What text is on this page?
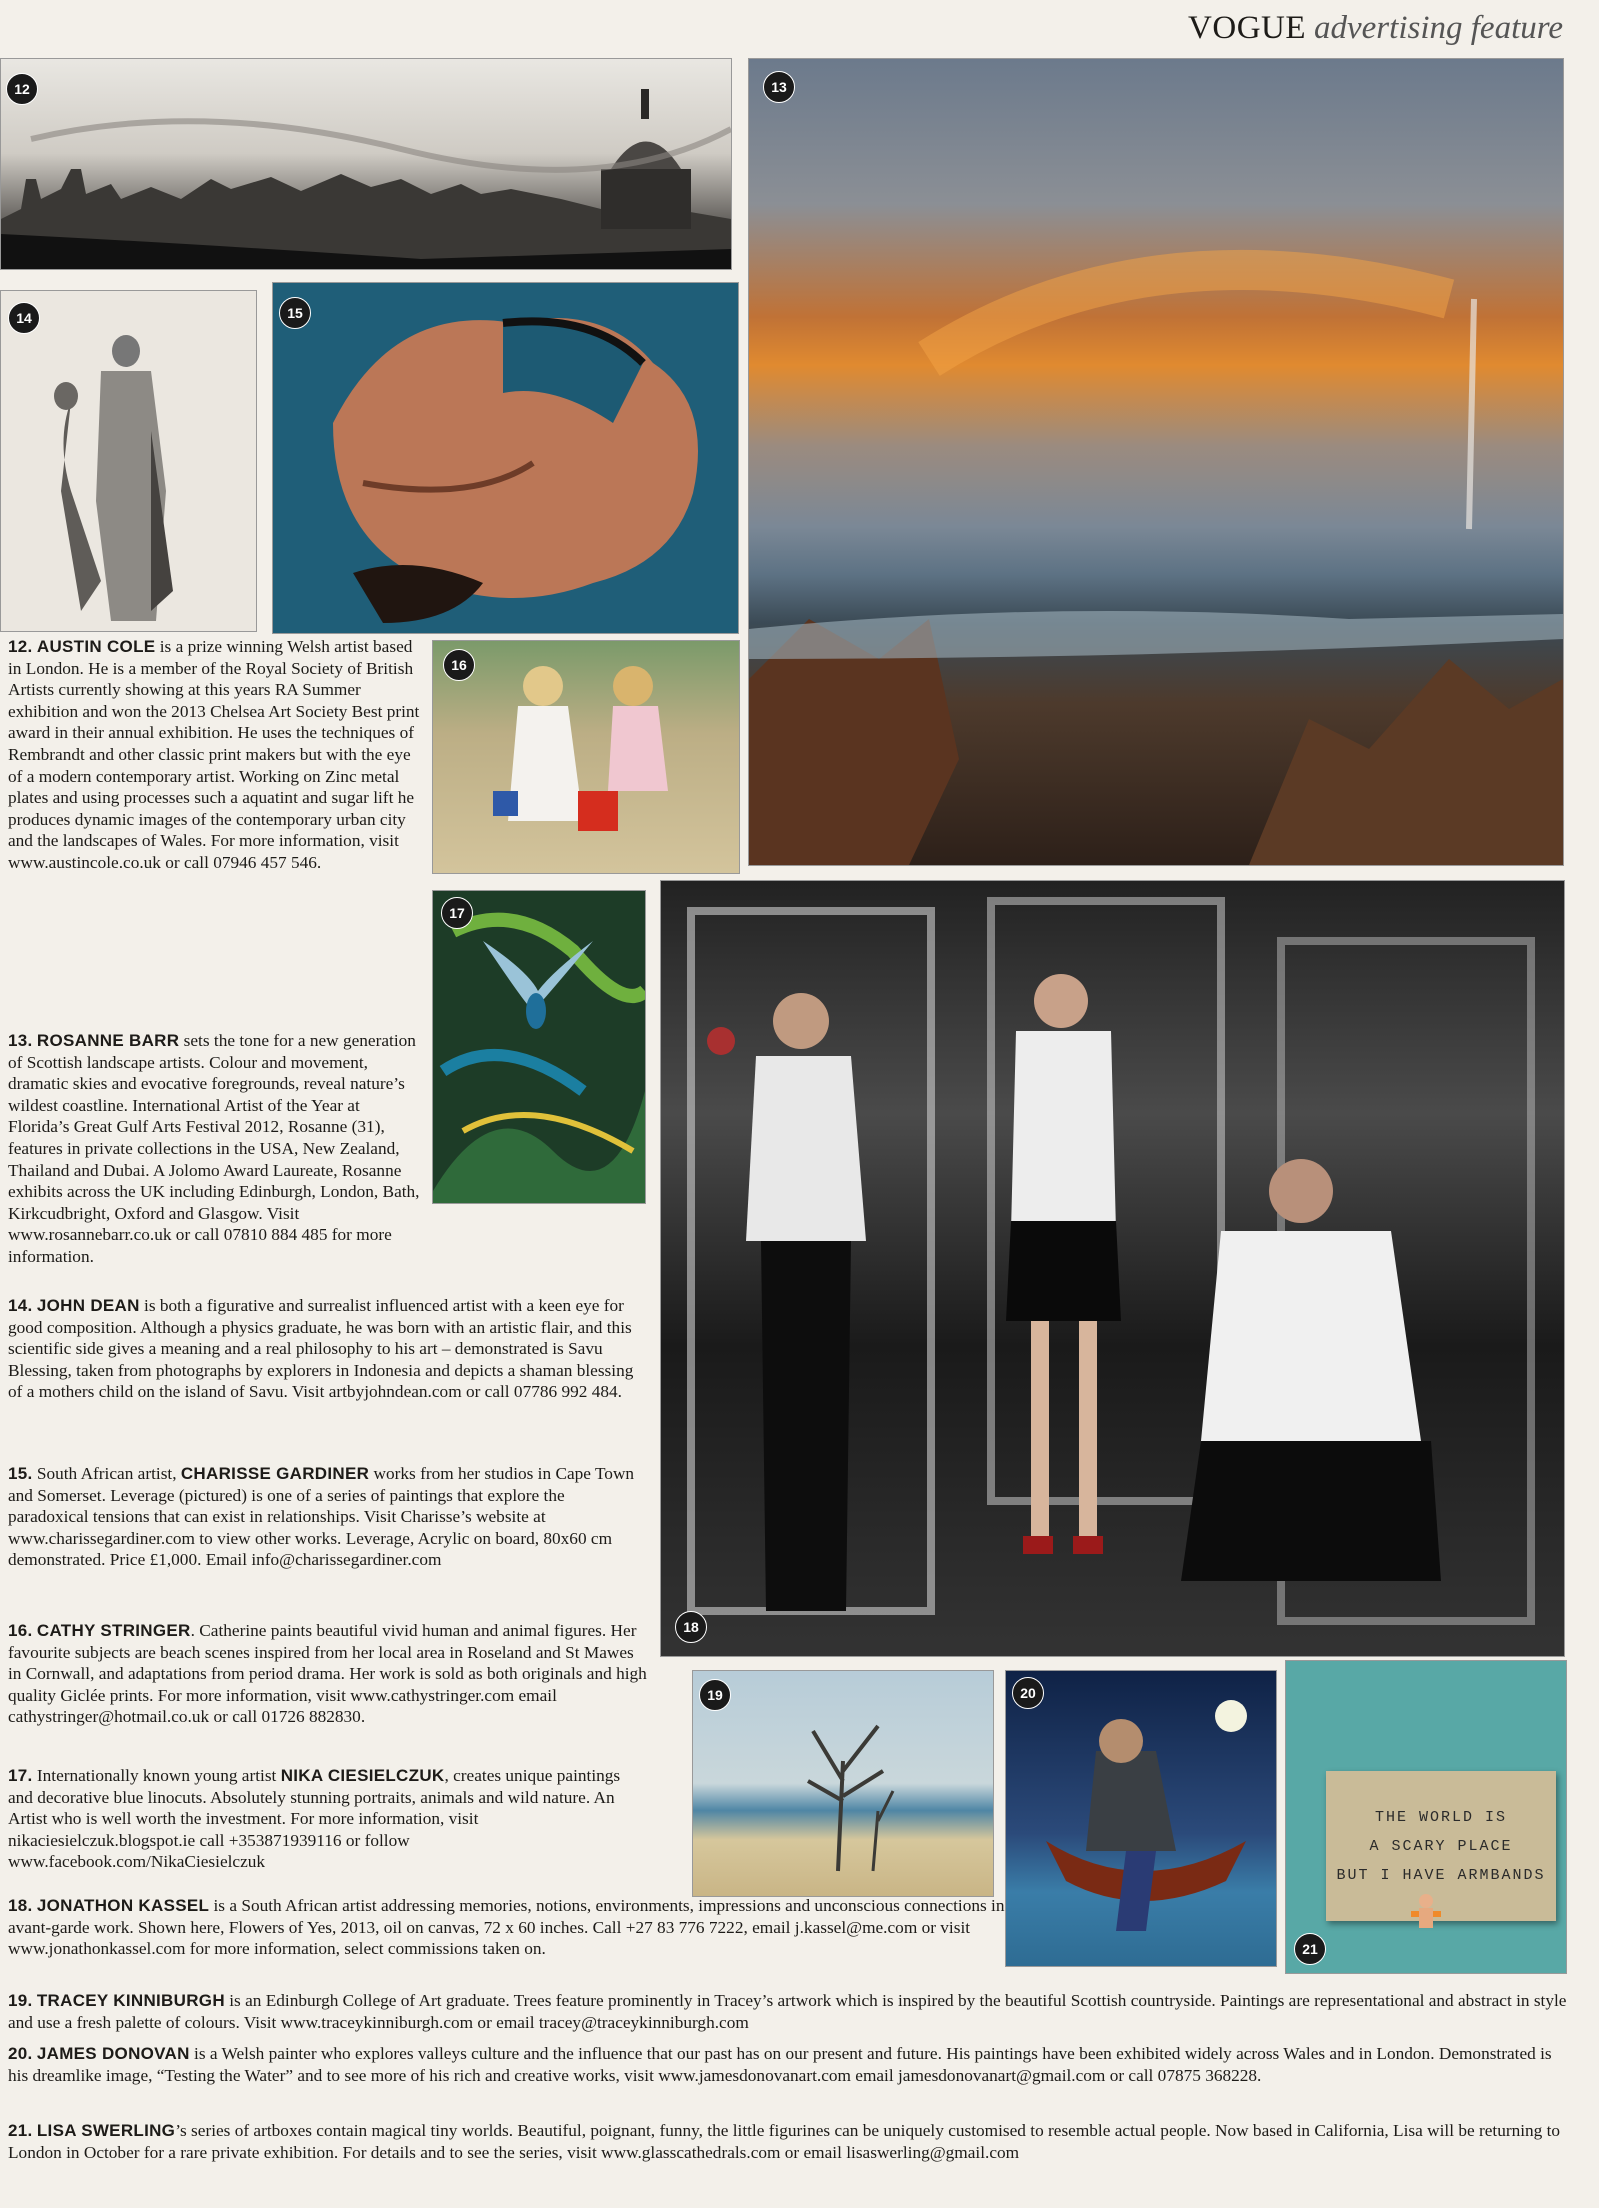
VOGUE advertising feature
12	13
14	15
16
17
18
19	20
THE WORLD IS
A SCARY PLACE
BUT I HAVE ARMBANDS
21

12. AUSTIN COLE is a prize winning Welsh artist based in London. He is a member of the Royal Society of British Artists currently showing at this years RA Summer exhibition and won the 2013 Chelsea Art Society Best print award in their annual exhibition. He uses the techniques of Rembrandt and other classic print makers but with the eye of a modern contemporary artist. Working on Zinc metal plates and using processes such a aquatint and sugar lift he produces dynamic images of the contemporary urban city and the landscapes of Wales. For more information, visit www.austincole.co.uk or call 07946 457 546.

13. ROSANNE BARR sets the tone for a new generation of Scottish landscape artists. Colour and movement, dramatic skies and evocative foregrounds, reveal nature’s wildest coastline. International Artist of the Year at Florida’s Great Gulf Arts Festival 2012, Rosanne (31), features in private collections in the USA, New Zealand, Thailand and Dubai. A Jolomo Award Laureate, Rosanne exhibits across the UK including Edinburgh, London, Bath, Kirkcudbright, Oxford and Glasgow. Visit www.rosannebarr.co.uk or call 07810 884 485 for more information.

14. JOHN DEAN is both a figurative and surrealist influenced artist with a keen eye for good composition. Although a physics graduate, he was born with an artistic flair, and this scientific side gives a meaning and a real philosophy to his art – demonstrated is Savu Blessing, taken from photographs by explorers in Indonesia and depicts a shaman blessing of a mothers child on the island of Savu. Visit artbyjohndean.com or call 07786 992 484.

15. South African artist, CHARISSE GARDINER works from her studios in Cape Town and Somerset. Leverage (pictured) is one of a series of paintings that explore the paradoxical tensions that can exist in relationships. Visit Charisse’s website at www.charissegardiner.com to view other works. Leverage, Acrylic on board, 80x60 cm demonstrated. Price £1,000. Email info@charissegardiner.com

16. CATHY STRINGER. Catherine paints beautiful vivid human and animal figures. Her favourite subjects are beach scenes inspired from her local area in Roseland and St Mawes in Cornwall, and adaptations from period drama. Her work is sold as both originals and high quality Giclée prints. For more information, visit www.cathystringer.com email cathystringer@hotmail.co.uk or call 01726 882830.

17. Internationally known young artist NIKA CIESIELCZUK, creates unique paintings and decorative blue linocuts. Absolutely stunning portraits, animals and wild nature. An Artist who is well worth the investment. For more information, visit nikaciesielczuk.blogspot.ie call +353871939116 or follow www.facebook.com/NikaCiesielczuk

18. JONATHON KASSEL is a South African artist addressing memories, notions, environments, impressions and unconscious connections in avant-garde work. Shown here, Flowers of Yes, 2013, oil on canvas, 72 x 60 inches. Call +27 83 776 7222, email j.kassel@me.com or visit www.jonathonkassel.com for more information, select commissions taken on.

19. TRACEY KINNIBURGH is an Edinburgh College of Art graduate. Trees feature prominently in Tracey’s artwork which is inspired by the beautiful Scottish countryside. Paintings are representational and abstract in style and use a fresh palette of colours. Visit www.traceykinniburgh.com or email tracey@traceykinniburgh.com

20. JAMES DONOVAN is a Welsh painter who explores valleys culture and the influence that our past has on our present and future. His paintings have been exhibited widely across Wales and in London. Demonstrated is his dreamlike image, “Testing the Water” and to see more of his rich and creative works, visit www.jamesdonovanart.com email jamesdonovanart@gmail.com or call 07875 368228.

21. LISA SWERLING’s series of artboxes contain magical tiny worlds. Beautiful, poignant, funny, the little figurines can be uniquely customised to resemble actual people. Now based in California, Lisa will be returning to London in October for a rare private exhibition. For details and to see the series, visit www.glasscathedrals.com or email lisaswerling@gmail.com
